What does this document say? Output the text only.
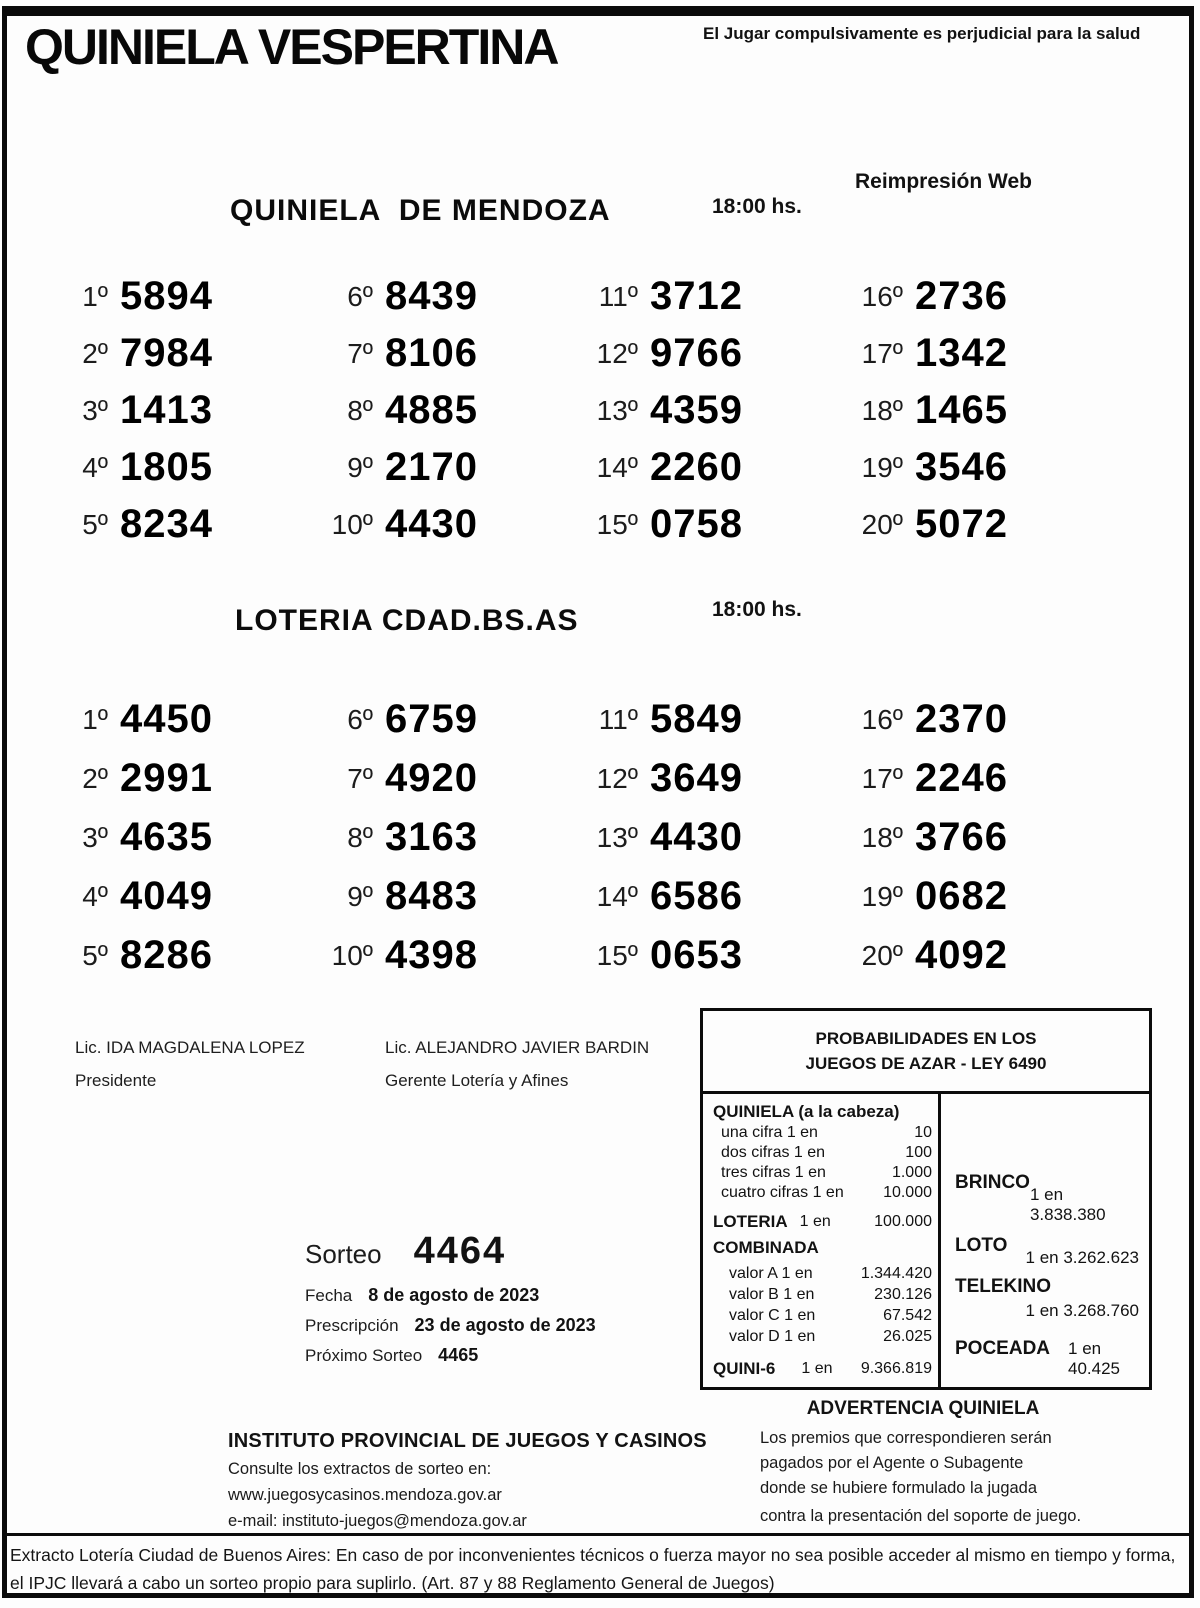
QUINIELA VESPERTINA	El Jugar compulsivamente es perjudicial para la salud
Reimpresión Web
QUINIELA  DE MENDOZA	18:00 hs.
1º 5894
2º 7984
3º 1413
4º 1805
5º 8234
6º 8439
7º 8106
8º 4885
9º 2170
10º 4430
11º 3712
12º 9766
13º 4359
14º 2260
15º 0758
16º 2736
17º 1342
18º 1465
19º 3546
20º 5072
LOTERIA CDAD.BS.AS	18:00 hs.
1º 4450
2º 2991
3º 4635
4º 4049
5º 8286
6º 6759
7º 4920
8º 3163
9º 8483
10º 4398
11º 5849
12º 3649
13º 4430
14º 6586
15º 0653
16º 2370
17º 2246
18º 3766
19º 0682
20º 4092
Lic. IDA MAGDALENA LOPEZ
Presidente
Lic. ALEJANDRO JAVIER BARDIN
Gerente Lotería y Afines
PROBABILIDADES EN LOS
JUEGOS DE AZAR - LEY 6490
QUINIELA (a la cabeza)
una cifra 1 en	10
dos cifras 1 en	100
tres cifras 1 en	1.000
cuatro cifras 1 en 10.000
LOTERIA 1 en	100.000
COMBINADA
valor A 1 en	1.344.420
valor B 1 en	230.126
valor C 1 en	67.542
valor D 1 en	26.025
QUINI-6 1 en 9.366.819
BRINCO
1 en 3.838.380
LOTO
1 en 3.262.623
TELEKINO
1 en 3.268.760
POCEADA 1 en 40.425
Sorteo 4464
Fecha 8 de agosto de 2023
Prescripción 23 de agosto de 2023
Próximo Sorteo 4465
INSTITUTO PROVINCIAL DE JUEGOS Y CASINOS
Consulte los extractos de sorteo en:
www.juegosycasinos.mendoza.gov.ar
e-mail: instituto-juegos@mendoza.gov.ar
ADVERTENCIA QUINIELA
Los premios que correspondieren serán
pagados por el Agente o Subagente
donde se hubiere formulado la jugada
contra la presentación del soporte de juego.
Extracto Lotería Ciudad de Buenos Aires: En caso de por inconvenientes técnicos o fuerza mayor no sea posible acceder al mismo en tiempo y forma, el IPJC llevará a cabo un sorteo propio para suplirlo. (Art. 87 y 88 Reglamento General de Juegos)
